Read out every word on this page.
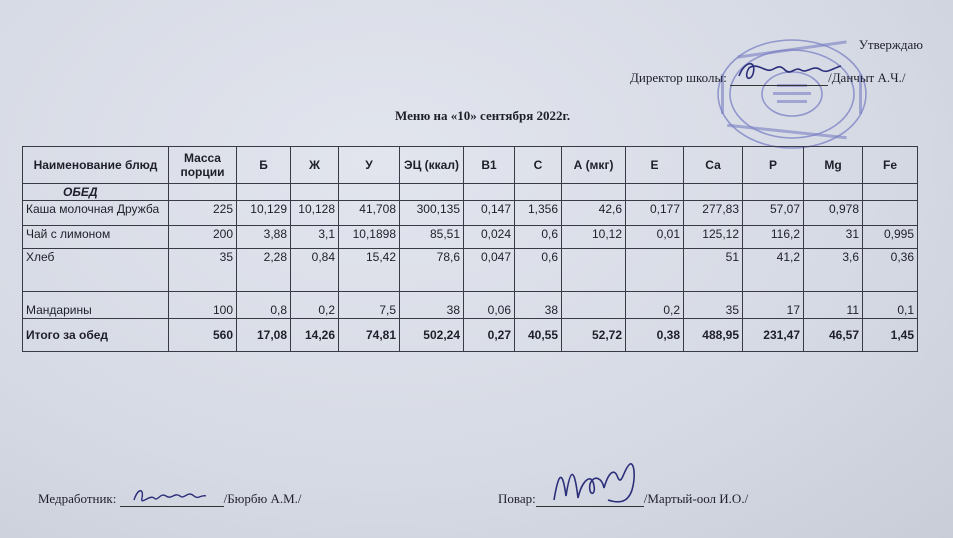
Утверждаю
Директор школы:	/Данчыт А.Ч./
Меню на «10» сентября 2022г.
Наименование блюд	Масса порции	Б	Ж	У	ЭЦ (ккал)	В1	С	А (мкг)	Е	Са	Р	Mg	Fe
ОБЕД													
Каша молочная Дружба	225	10,129	10,128	41,708	300,135	0,147	1,356	42,6	0,177	277,83	57,07	0,978	
Чай с лимоном	200	3,88	3,1	10,1898	85,51	0,024	0,6	10,12	0,01	125,12	116,2	31	0,995
Хлеб	35	2,28	0,84	15,42	78,6	0,047	0,6			51	41,2	3,6	0,36
Мандарины	100	0,8	0,2	7,5	38	0,06	38		0,2	35	17	11	0,1
Итого за обед	560	17,08	14,26	74,81	502,24	0,27	40,55	52,72	0,38	488,95	231,47	46,57	1,45
Медработник:	/Бюрбю А.М./	Повар:	/Мартый-оол И.О./
